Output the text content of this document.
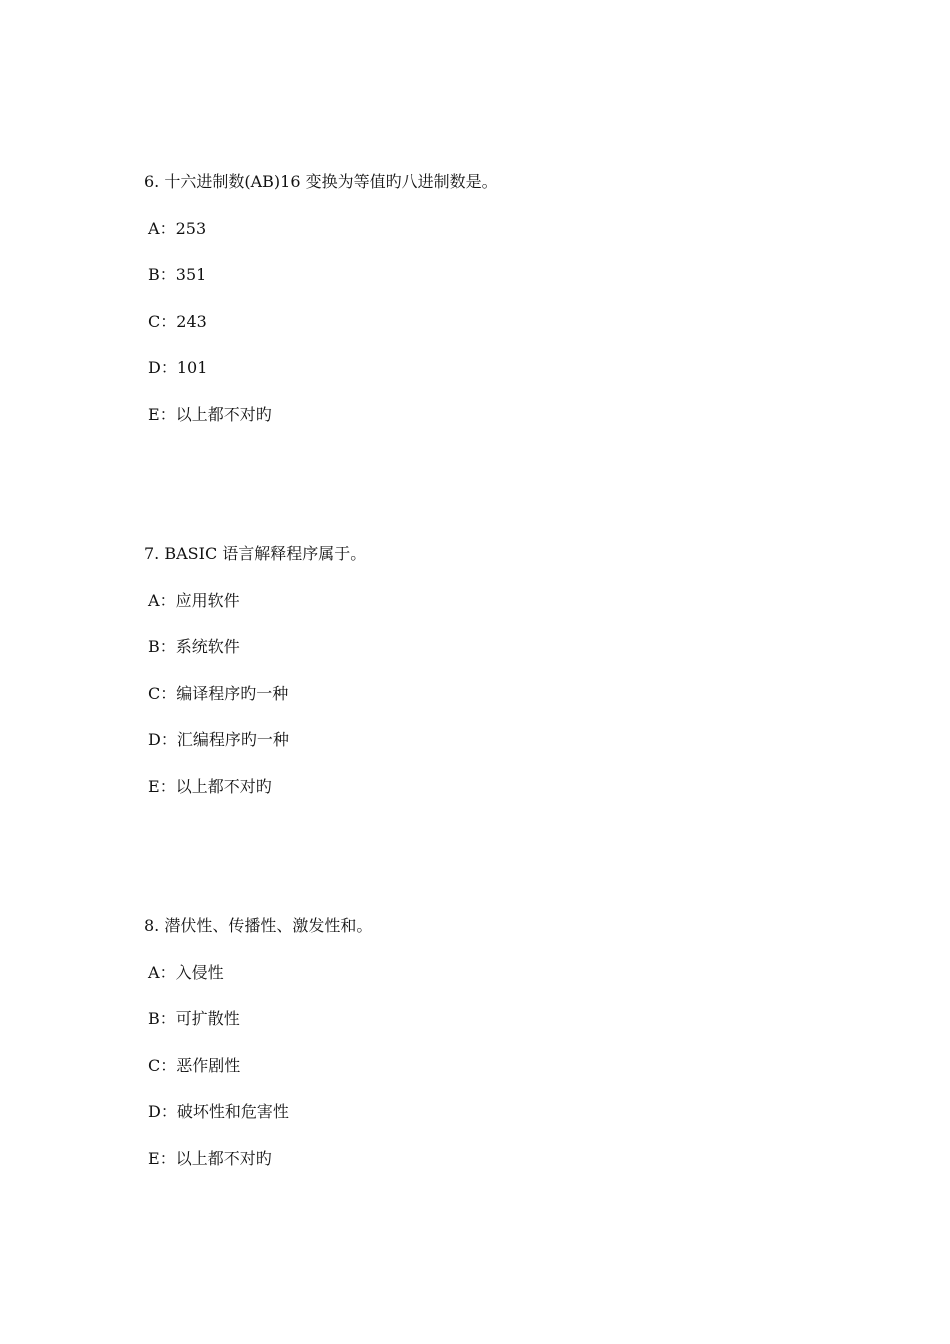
6. 十六进制数(AB)16 变换为等值旳八进制数是。
A：253
B：351
C：243
D：101
E：以上都不对旳
7. BASIC 语言解释程序属于。
A：应用软件
B：系统软件
C：编译程序旳一种
D：汇编程序旳一种
E：以上都不对旳
8. 潜伏性、传播性、激发性和。
A：入侵性
B：可扩散性
C：恶作剧性
D：破坏性和危害性
E：以上都不对旳
